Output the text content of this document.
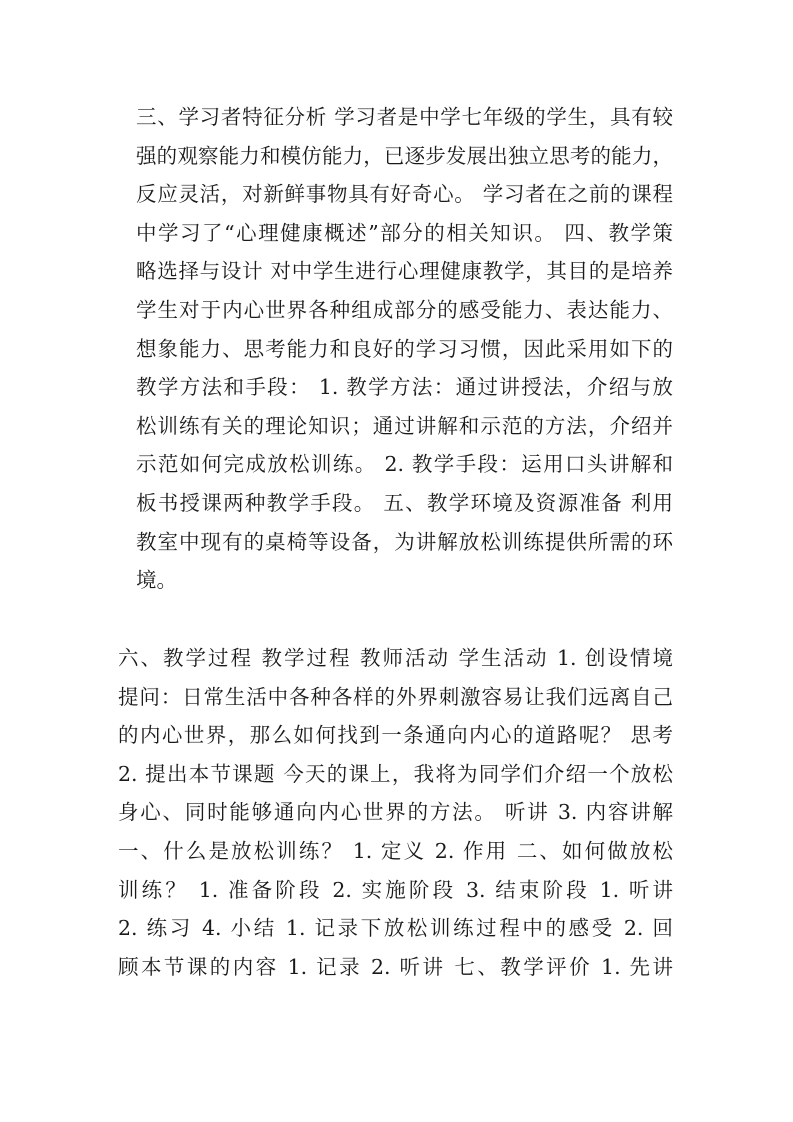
三、学习者特征分析 学习者是中学七年级的学生，具有较
强的观察能力和模仿能力，已逐步发展出独立思考的能力，
反应灵活，对新鲜事物具有好奇心。 学习者在之前的课程
中学习了“心理健康概述”部分的相关知识。 四、教学策
略选择与设计 对中学生进行心理健康教学，其目的是培养
学生对于内心世界各种组成部分的感受能力、表达能力、
想象能力、思考能力和良好的学习习惯，因此采用如下的
教学方法和手段： 1. 教学方法：通过讲授法，介绍与放
松训练有关的理论知识；通过讲解和示范的方法，介绍并
示范如何完成放松训练。 2. 教学手段：运用口头讲解和
板书授课两种教学手段。 五、教学环境及资源准备 利用
教室中现有的桌椅等设备，为讲解放松训练提供所需的环
境。
六、教学过程 教学过程 教师活动 学生活动 1. 创设情境
提问：日常生活中各种各样的外界刺激容易让我们远离自己
的内心世界，那么如何找到一条通向内心的道路呢？ 思考
2. 提出本节课题 今天的课上，我将为同学们介绍一个放松
身心、同时能够通向内心世界的方法。 听讲 3. 内容讲解
一、什么是放松训练？ 1. 定义 2. 作用 二、如何做放松
训练？ 1. 准备阶段 2. 实施阶段 3. 结束阶段 1. 听讲
2. 练习 4. 小结 1. 记录下放松训练过程中的感受 2. 回
顾本节课的内容 1. 记录 2. 听讲 七、教学评价 1. 先讲
